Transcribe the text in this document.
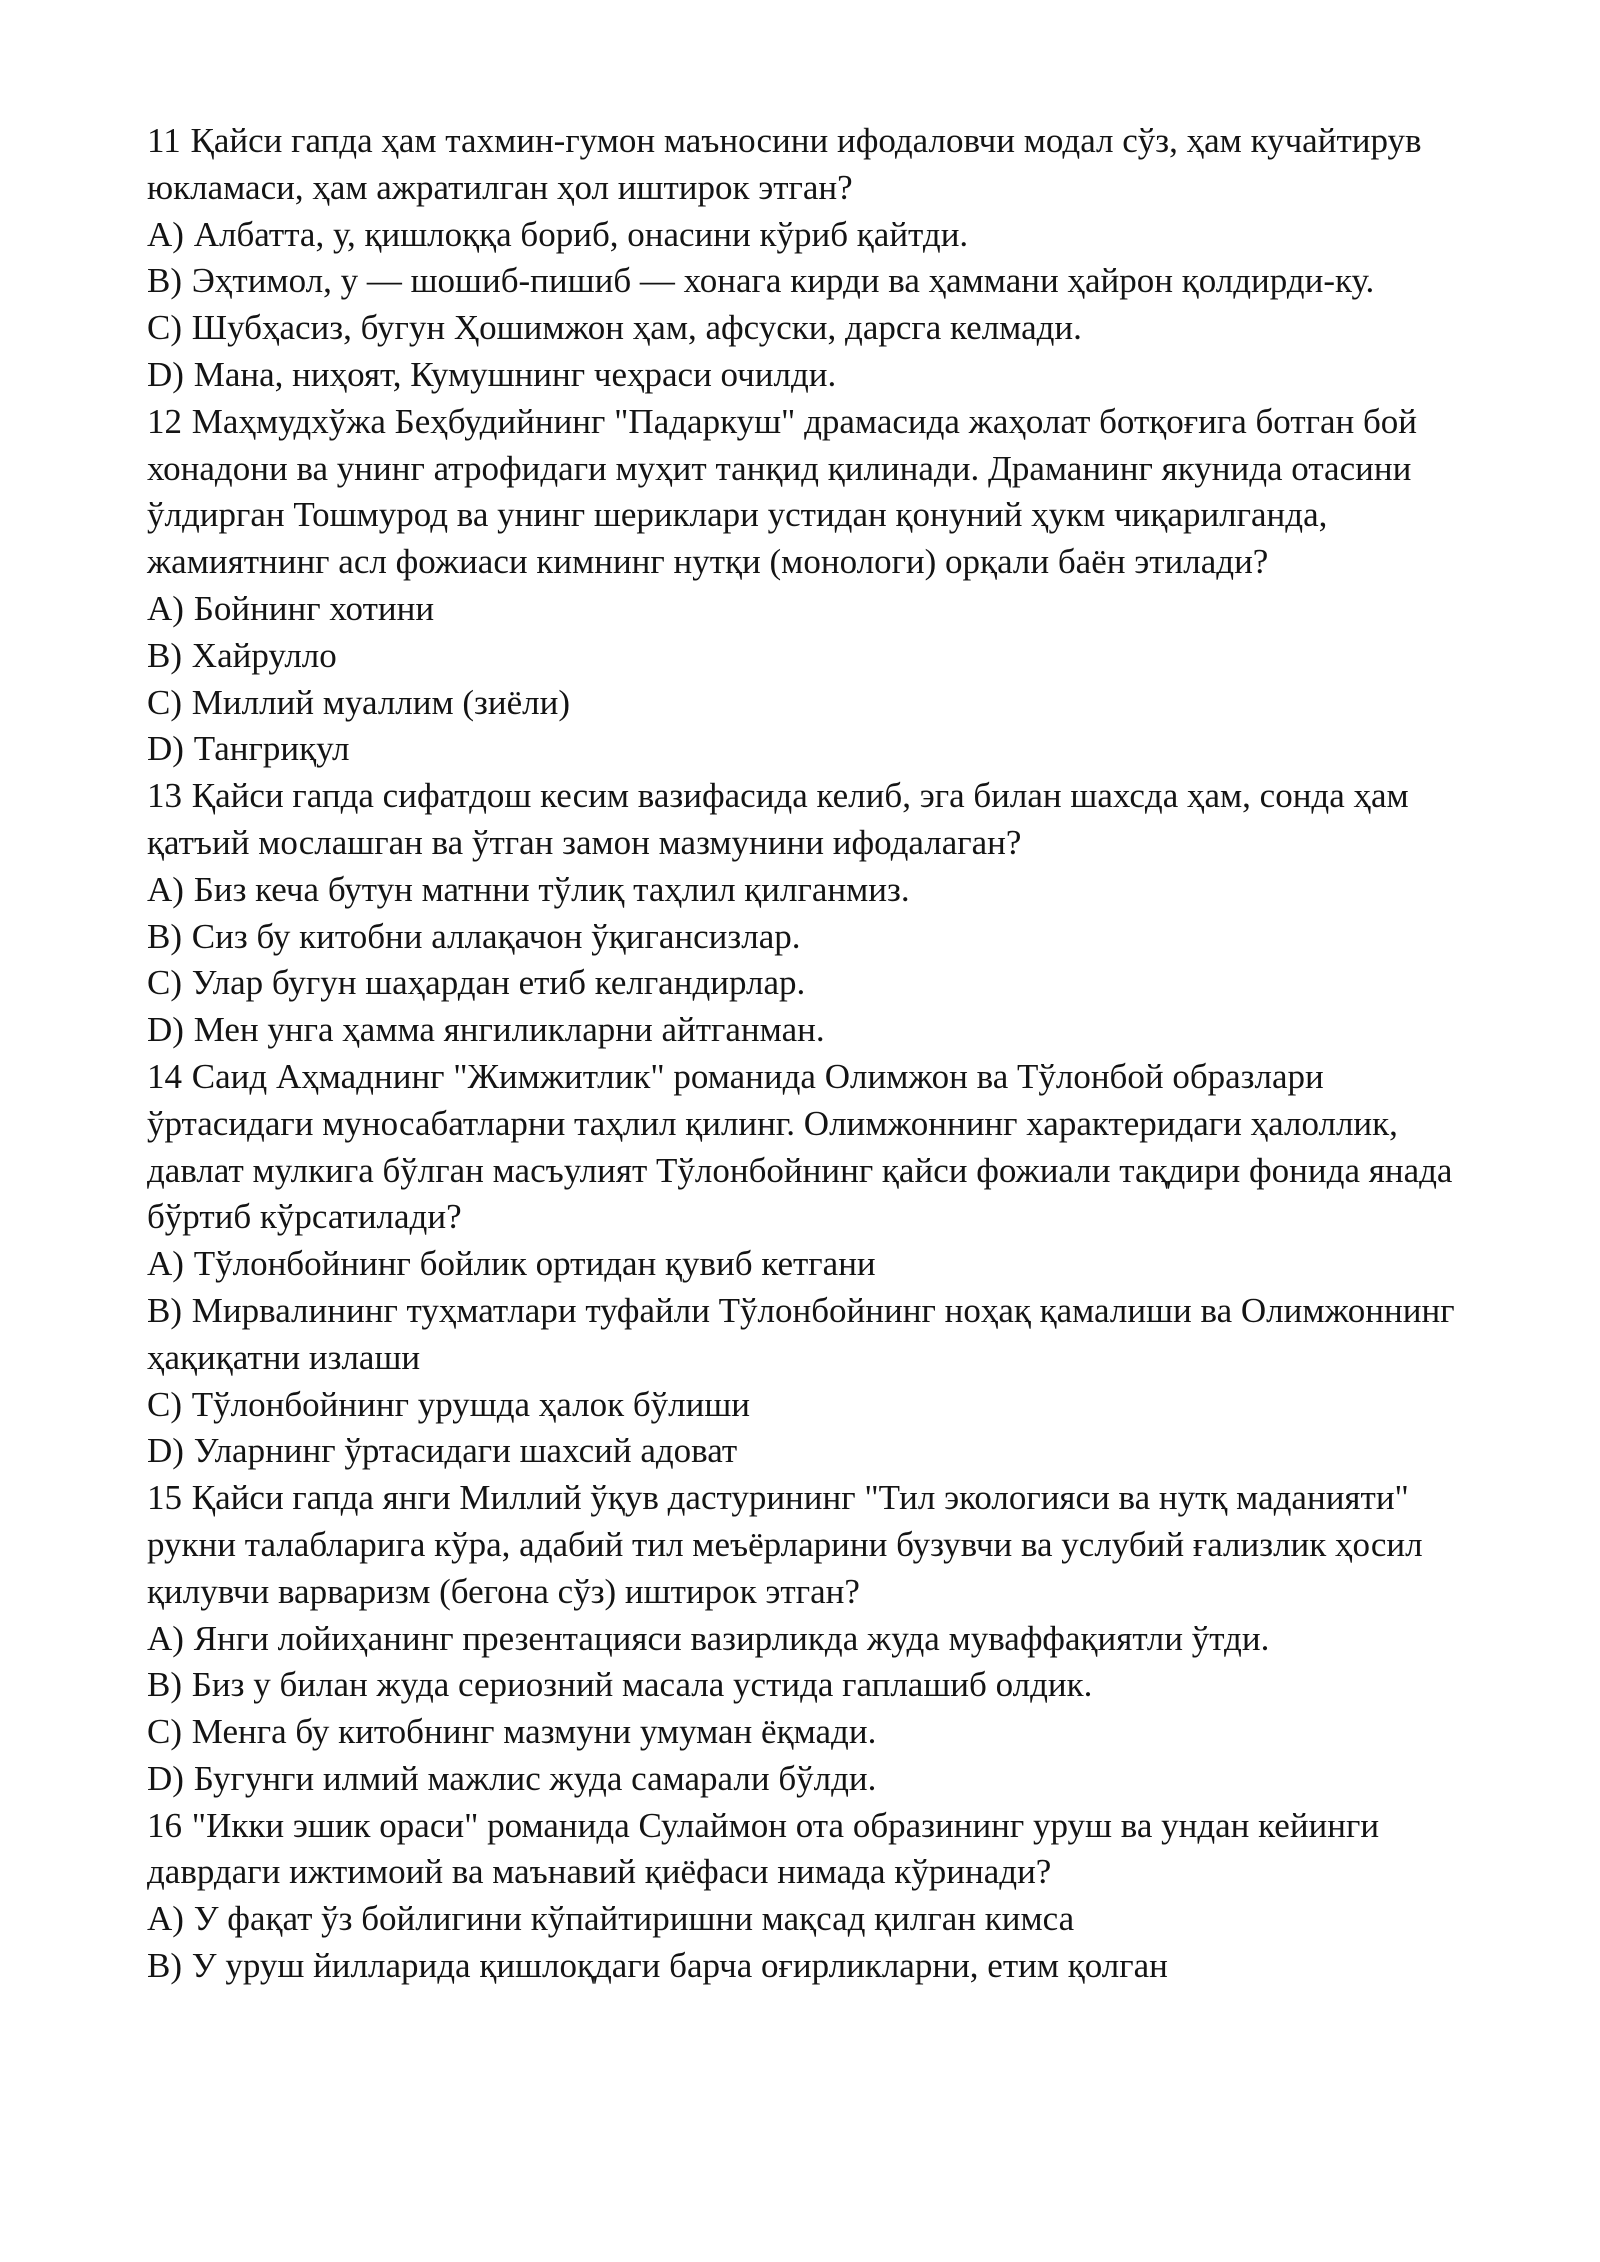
11 Қайси гапда ҳам тахмин-гумон маъносини ифодаловчи модал сўз, ҳам кучайтирув юкламаси, ҳам ажратилган ҳол иштирок этган?
A) Албатта, у, қишлоққа бориб, онасини кўриб қайтди.
B) Эҳтимол, у — шошиб-пишиб — хонага кирди ва ҳаммани ҳайрон қолдирди-ку.
C) Шубҳасиз, бугун Ҳошимжон ҳам, афсуски, дарсга келмади.
D) Мана, ниҳоят, Кумушнинг чеҳраси очилди.
12 Маҳмудхўжа Беҳбудийнинг "Падаркуш" драмасида жаҳолат ботқоғига ботган бой хонадони ва унинг атрофидаги муҳит танқид қилинади. Драманинг якунида отасини ўлдирган Тошмурод ва унинг шериклари устидан қонуний ҳукм чиқарилганда, жамиятнинг асл фожиаси кимнинг нутқи (монологи) орқали баён этилади?
A) Бойнинг хотини
B) Хайрулло
C) Миллий муаллим (зиёли)
D) Тангриқул
13 Қайси гапда сифатдош кесим вазифасида келиб, эга билан шахсда ҳам, сонда ҳам қатъий мослашган ва ўтган замон мазмунини ифодалаган?
A) Биз кеча бутун матнни тўлиқ таҳлил қилганмиз.
B) Сиз бу китобни аллақачон ўқигансизлар.
C) Улар бугун шаҳардан етиб келгандирлар.
D) Мен унга ҳамма янгиликларни айтганман.
14 Саид Аҳмаднинг "Жимжитлик" романида Олимжон ва Тўлонбой образлари ўртасидаги муносабатларни таҳлил қилинг. Олимжоннинг характеридаги ҳалоллик, давлат мулкига бўлган масъулият Тўлонбойнинг қайси фожиали тақдири фонида янада бўртиб кўрсатилади?
A) Тўлонбойнинг бойлик ортидан қувиб кетгани
B) Мирвалининг туҳматлари туфайли Тўлонбойнинг ноҳақ қамалиши ва Олимжоннинг ҳақиқатни излаши
C) Тўлонбойнинг урушда ҳалок бўлиши
D) Уларнинг ўртасидаги шахсий адоват
15 Қайси гапда янги Миллий ўқув дастурининг "Тил экологияси ва нутқ маданияти" рукни талабларига кўра, адабий тил меъёрларини бузувчи ва услубий ғализлик ҳосил қилувчи варваризм (бегона сўз) иштирок этган?
A) Янги лойиҳанинг презентацияси вазирликда жуда муваффақиятли ўтди.
B) Биз у билан жуда сериозний масала устида гаплашиб олдик.
C) Менга бу китобнинг мазмуни умуман ёқмади.
D) Бугунги илмий мажлис жуда самарали бўлди.
16 "Икки эшик ораси" романида Сулаймон ота образининг уруш ва ундан кейинги даврдаги ижтимоий ва маънавий қиёфаси нимада кўринади?
A) У фақат ўз бойлигини кўпайтиришни мақсад қилган кимса
B) У уруш йилларида қишлоқдаги барча оғирликларни, етим қолган
